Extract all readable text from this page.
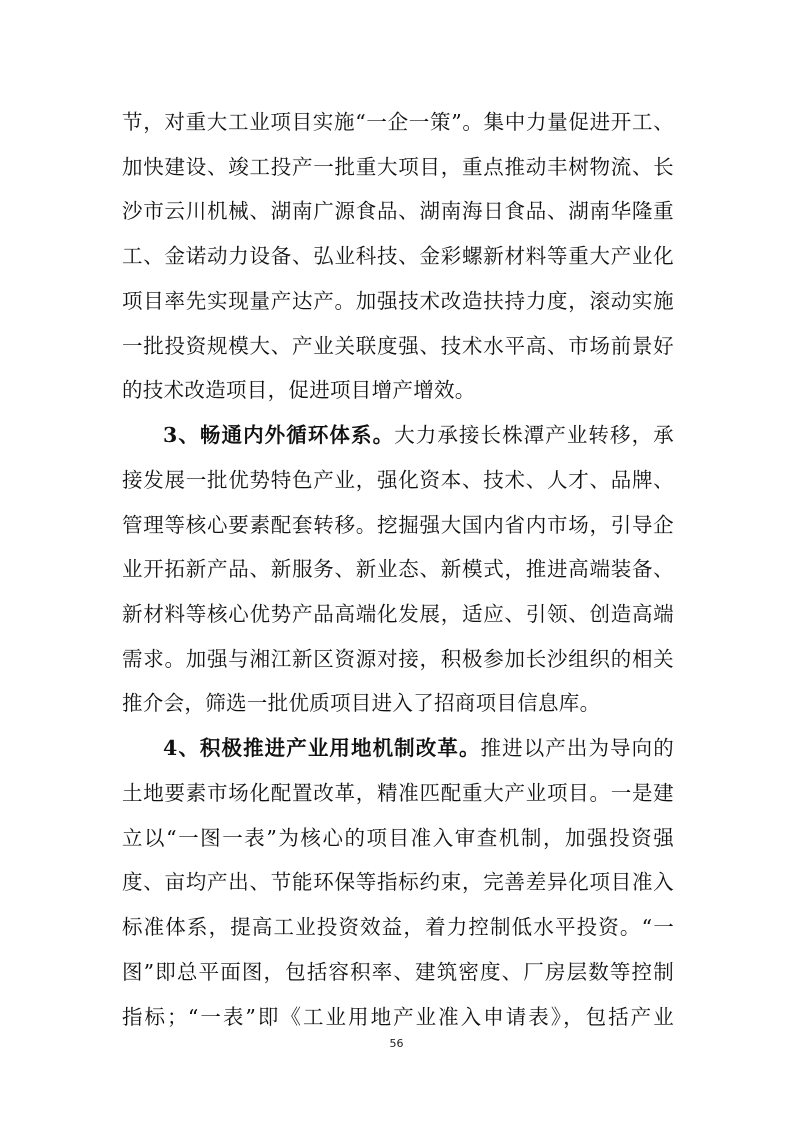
节，对重大工业项目实施“一企一策”。集中力量促进开工、
加快建设、竣工投产一批重大项目，重点推动丰树物流、长
沙市云川机械、湖南广源食品、湖南海日食品、湖南华隆重
工、金诺动力设备、弘业科技、金彩螺新材料等重大产业化
项目率先实现量产达产。加强技术改造扶持力度，滚动实施
一批投资规模大、产业关联度强、技术水平高、市场前景好
的技术改造项目，促进项目增产增效。
3、畅通内外循环体系。大力承接长株潭产业转移，承
接发展一批优势特色产业，强化资本、技术、人才、品牌、
管理等核心要素配套转移。挖掘强大国内省内市场，引导企
业开拓新产品、新服务、新业态、新模式，推进高端装备、
新材料等核心优势产品高端化发展，适应、引领、创造高端
需求。加强与湘江新区资源对接，积极参加长沙组织的相关
推介会，筛选一批优质项目进入了招商项目信息库。
4、积极推进产业用地机制改革。推进以产出为导向的
土地要素市场化配置改革，精准匹配重大产业项目。一是建
立以“一图一表”为核心的项目准入审查机制，加强投资强
度、亩均产出、节能环保等指标约束，完善差异化项目准入
标准体系，提高工业投资效益，着力控制低水平投资。“一
图”即总平面图，包括容积率、建筑密度、厂房层数等控制
指标；“一表”即《工业用地产业准入申请表》，包括产业
56
